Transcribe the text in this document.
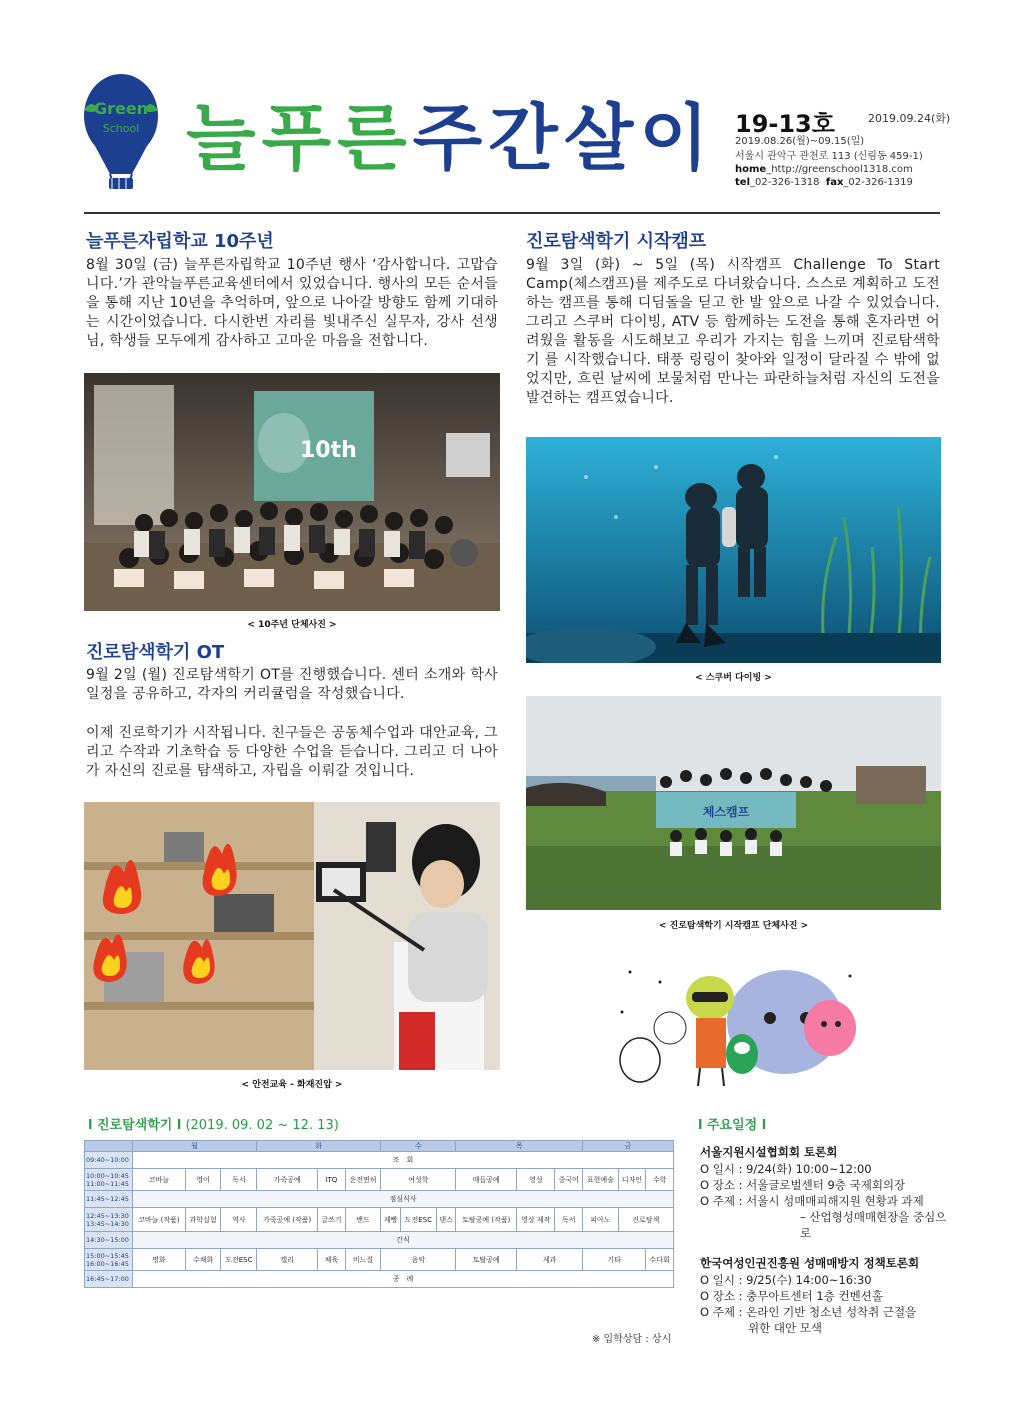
Green
School 늘푸른주간살이 19-13호	2019.09.24(화)
2019.08.26(월)~09.15(일)
서울시 관악구 관천로 113 (신림동 459-1)
home_http://greenschool1318.com
tel_02-326-1318 fax_02-326-1319
늘푸른자립학교 10주년
8월 30일 (금) 늘푸른자립학교 10주년 행사 ‘감사합니다. 고맙습니다.’가 관악늘푸른교육센터에서 있었습니다. 행사의 모든 순서들을 통해 지난 10년을 추억하며, 앞으로 나아갈 방향도 함께 기대하는 시간이었습니다. 다시한번 자리를 빛내주신 실무자, 강사 선생님, 학생들 모두에게 감사하고 고마운 마음을 전합니다.
10th
< 10주년 단체사진 >
진로탐색학기 OT
9월 2일 (월) 진로탐색학기 OT를 진행했습니다. 센터 소개와 학사일정을 공유하고, 각자의 커리큘럼을 작성했습니다.
이제 진로학기가 시작됩니다. 친구들은 공동체수업과 대안교육, 그리고 수작과 기초학습 등 다양한 수업을 듣습니다. 그리고 더 나아가 자신의 진로를 탐색하고, 자립을 이뤄갈 것입니다.
< 안전교육 - 화재진압 >
진로탐색학기 시작캠프
9월 3일 (화) ~ 5일 (목) 시작캠프 Challenge To Start Camp(체스캠프)를 제주도로 다녀왔습니다. 스스로 계획하고 도전하는 캠프를 통해 디딤돌을 딛고 한 발 앞으로 나갈 수 있었습니다. 그리고 스쿠버 다이빙, ATV 등 함께하는 도전을 통해 혼자라면 어려웠을 활동을 시도해보고 우리가 가지는 힘을 느끼며 진로탐색학기 를 시작했습니다. 태풍 링링이 찾아와 일정이 달라질 수 밖에 없었지만, 흐린 날씨에 보물처럼 만나는 파란하늘처럼 자신의 도전을 발견하는 캠프였습니다.
< 스쿠버 다이빙 >
체스캠프
< 진로탐색학기 시작캠프 단체사진 >
l 진로탐색학기 l (2019. 09. 02 ~ 12. 13)
	월			화			수			목			금		
09:40~10:00	조　회														
10:00~10:45 11:00~11:45	코바늘	영어	독서	가죽공예	ITQ	운전면허	여성학			매듭공예	영성	중국어	표현예술	디자인	수학
11:45~12:45	점심식사														
12:45~13:30 13:45~14:30	코바늘 (작품)	과학실험	역사	가죽공예 (작품)	글쓰기	밴드	제빵	도전ESC	댄스	토탈공예 (작품)	영상 제작	독서	피아노	진로탐색	
14:30~15:00	간식														
15:00~15:45 16:00~16:45	명화	수채화	도전ESC	캘리	체육	비느질	음악			토탈공예	제과		기타		수다회
16:45~17:00	종　례														
※ 입학상담 : 상시
l 주요일정 l
서울지원시설협희회 토론회
O 일시 : 9/24(화) 10:00~12:00
O 장소 : 서울글로벌센터 9층 국제회의장
O 주제 : 서울시 성매매피해지원 현황과 과제
– 산업형성매매현장을 중심으로
한국여성인권진흥원 성매매방지 정책토론회
O 일시 : 9/25(수) 14:00~16:30
O 장소 : 충무아트센터 1층 컨벤션홀
O 주제 : 온라인 기반 청소년 성착취 근절을
위한 대안 모색
